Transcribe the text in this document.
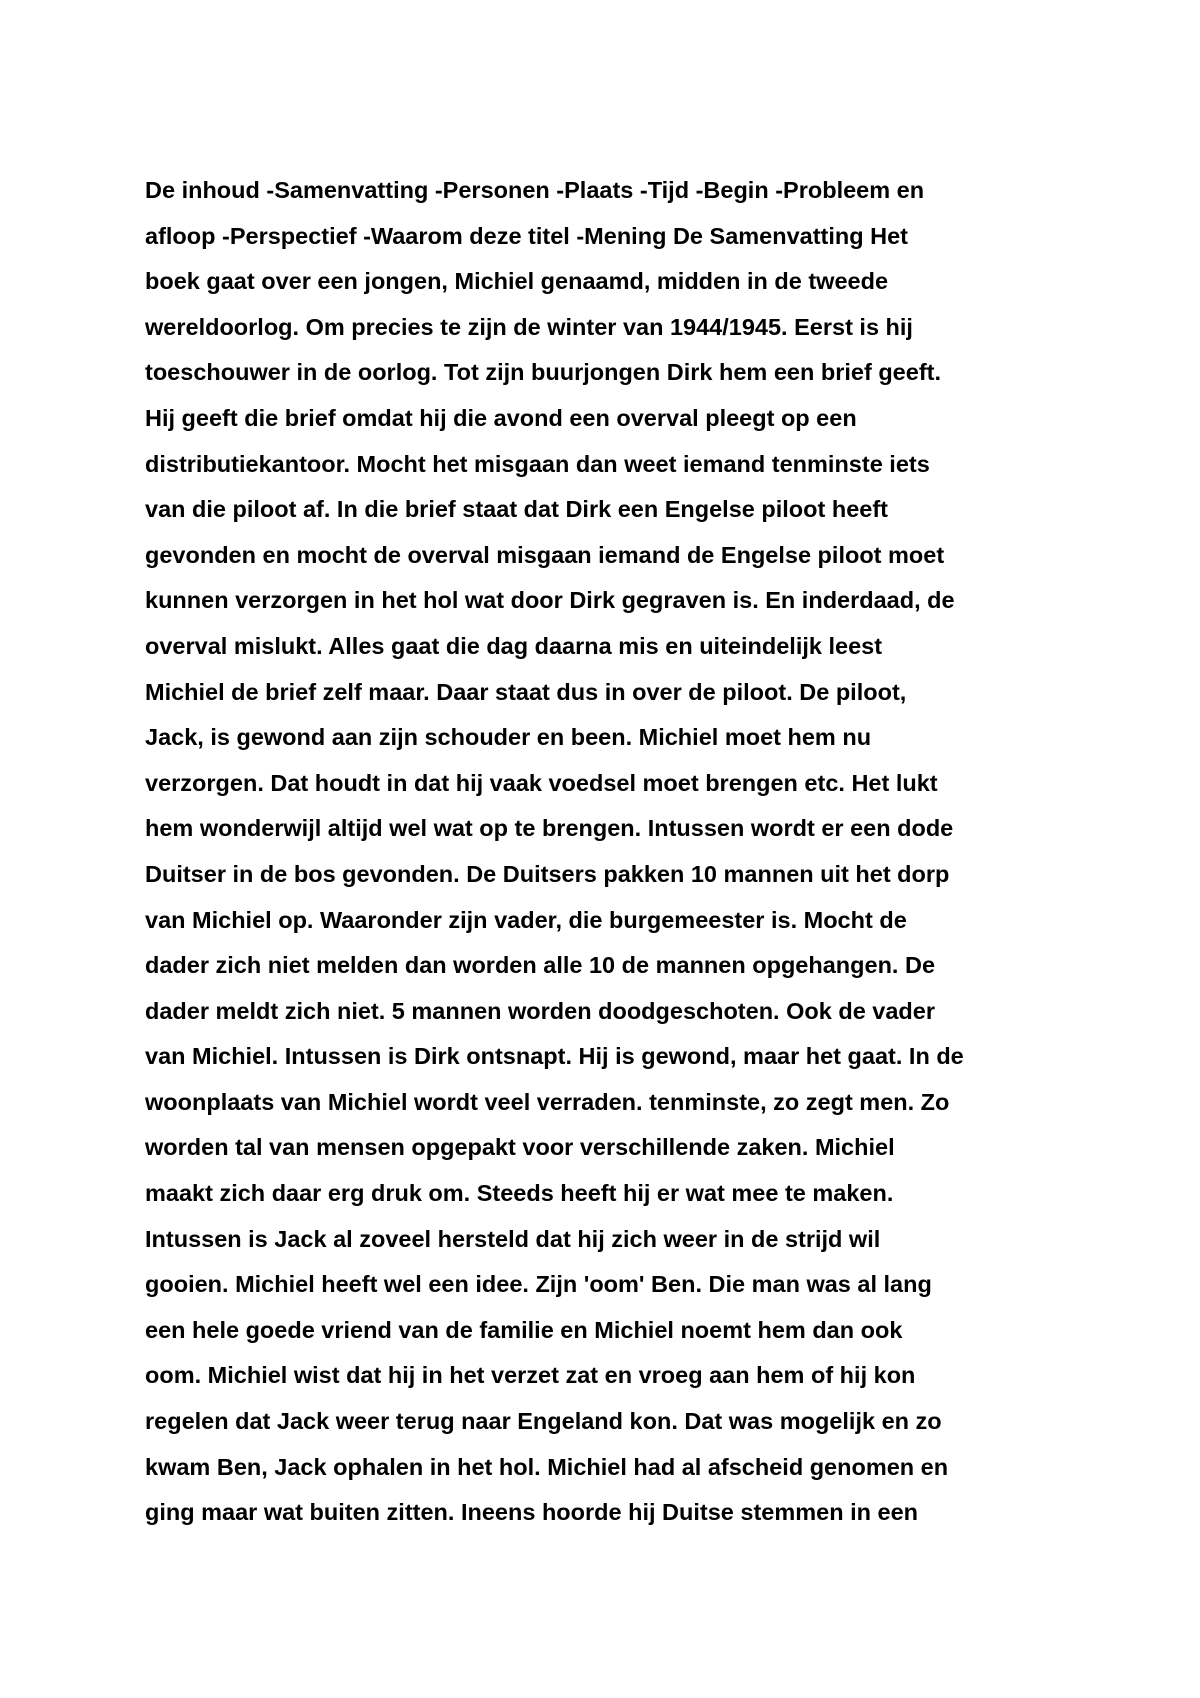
De inhoud -Samenvatting -Personen -Plaats -Tijd -Begin -Probleem en
afloop -Perspectief -Waarom deze titel -Mening De Samenvatting Het
boek gaat over een jongen, Michiel genaamd, midden in de tweede
wereldoorlog. Om precies te zijn de winter van 1944/1945. Eerst is hij
toeschouwer in de oorlog. Tot zijn buurjongen Dirk hem een brief geeft.
Hij geeft die brief omdat hij die avond een overval pleegt op een
distributiekantoor. Mocht het misgaan dan weet iemand tenminste iets
van die piloot af. In die brief staat dat Dirk een Engelse piloot heeft
gevonden en mocht de overval misgaan iemand de Engelse piloot moet
kunnen verzorgen in het hol wat door Dirk gegraven is. En inderdaad, de
overval mislukt. Alles gaat die dag daarna mis en uiteindelijk leest
Michiel de brief zelf maar. Daar staat dus in over de piloot. De piloot,
Jack, is gewond aan zijn schouder en been. Michiel moet hem nu
verzorgen. Dat houdt in dat hij vaak voedsel moet brengen etc. Het lukt
hem wonderwijl altijd wel wat op te brengen. Intussen wordt er een dode
Duitser in de bos gevonden. De Duitsers pakken 10 mannen uit het dorp
van Michiel op. Waaronder zijn vader, die burgemeester is. Mocht de
dader zich niet melden dan worden alle 10 de mannen opgehangen. De
dader meldt zich niet. 5 mannen worden doodgeschoten. Ook de vader
van Michiel. Intussen is Dirk ontsnapt. Hij is gewond, maar het gaat. In de
woonplaats van Michiel wordt veel verraden. tenminste, zo zegt men. Zo
worden tal van mensen opgepakt voor verschillende zaken. Michiel
maakt zich daar erg druk om. Steeds heeft hij er wat mee te maken.
Intussen is Jack al zoveel hersteld dat hij zich weer in de strijd wil
gooien. Michiel heeft wel een idee. Zijn 'oom' Ben. Die man was al lang
een hele goede vriend van de familie en Michiel noemt hem dan ook
oom. Michiel wist dat hij in het verzet zat en vroeg aan hem of hij kon
regelen dat Jack weer terug naar Engeland kon. Dat was mogelijk en zo
kwam Ben, Jack ophalen in het hol. Michiel had al afscheid genomen en
ging maar wat buiten zitten. Ineens hoorde hij Duitse stemmen in een
